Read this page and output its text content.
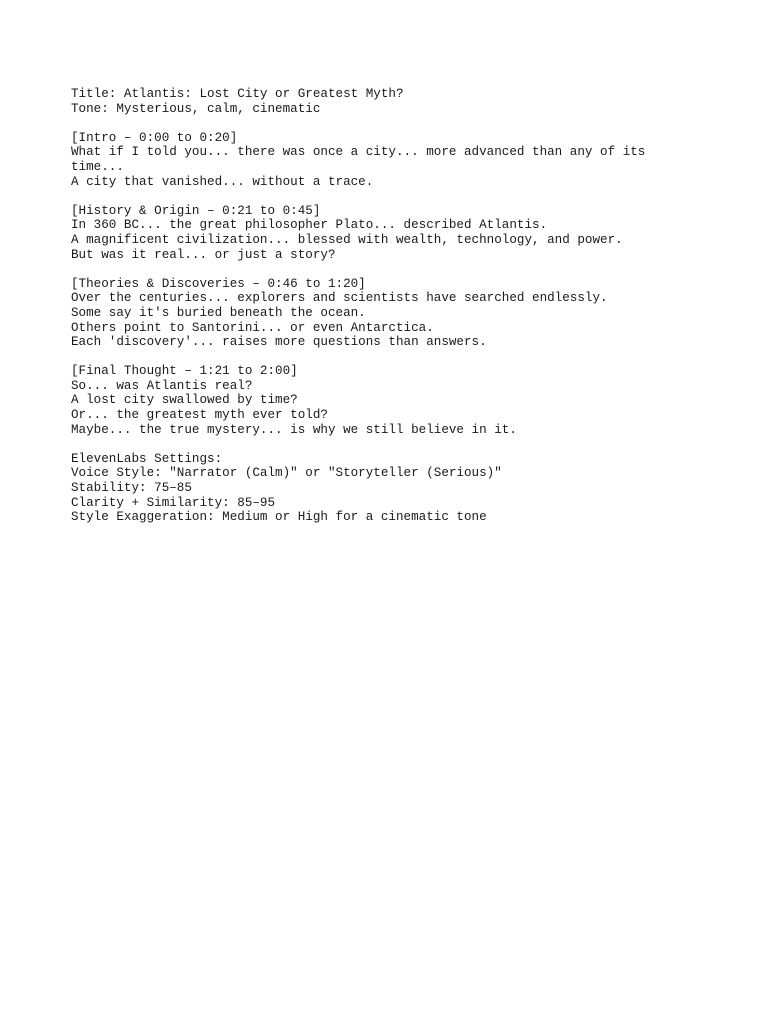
Title: Atlantis: Lost City or Greatest Myth?
Tone: Mysterious, calm, cinematic
[Intro – 0:00 to 0:20]
What if I told you... there was once a city... more advanced than any of its
time...
A city that vanished... without a trace.
[History & Origin – 0:21 to 0:45]
In 360 BC... the great philosopher Plato... described Atlantis.
A magnificent civilization... blessed with wealth, technology, and power.
But was it real... or just a story?
[Theories & Discoveries – 0:46 to 1:20]
Over the centuries... explorers and scientists have searched endlessly.
Some say it's buried beneath the ocean.
Others point to Santorini... or even Antarctica.
Each 'discovery'... raises more questions than answers.
[Final Thought – 1:21 to 2:00]
So... was Atlantis real?
A lost city swallowed by time?
Or... the greatest myth ever told?
Maybe... the true mystery... is why we still believe in it.
ElevenLabs Settings:
Voice Style: "Narrator (Calm)" or "Storyteller (Serious)"
Stability: 75–85
Clarity + Similarity: 85–95
Style Exaggeration: Medium or High for a cinematic tone
